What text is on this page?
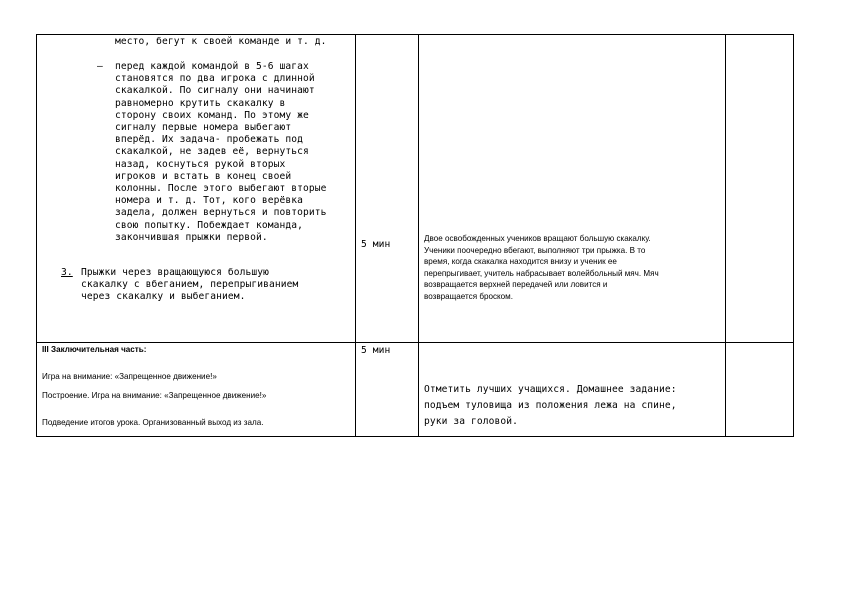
место, бегут к своей команде и т. д.
– перед каждой командой в 5-6 шагах
становятся по два игрока с длинной
скакалкой. По сигналу они начинают
равномерно крутить скакалку в
сторону своих команд. По этому же
сигналу первые номера выбегают
вперёд. Их задача- пробежать под
скакалкой, не задев её, вернуться
назад, коснуться рукой вторых
игроков и встать в конец своей
колонны. После этого выбегают вторые
номера и т. д. Тот, кого верёвка
задела, должен вернуться и повторить
свою попытку. Побеждает команда,
закончившая прыжки первой.
3. Прыжки через вращающуюся большую
скакалку с вбеганием, перепрыгиванием
через скакалку и выбеганием.
5 мин
Двое освобожденных учеников вращают большую скакалку.
Ученики поочередно вбегают, выполняют три прыжка. В то
время, когда скакалка находится внизу и ученик ее
перепрыгивает, учитель набрасывает волейбольный мяч. Мяч
возвращается верхней передачей или ловится и
возвращается броском.
III Заключительная часть:
Игра на внимание: «Запрещенное движение!»
Построение. Игра на внимание: «Запрещенное движение!»
Подведение итогов урока. Организованный выход из зала.
5 мин
Отметить лучших учащихся. Домашнее задание:
подъем туловища из положения лежа на спине,
руки за головой.
